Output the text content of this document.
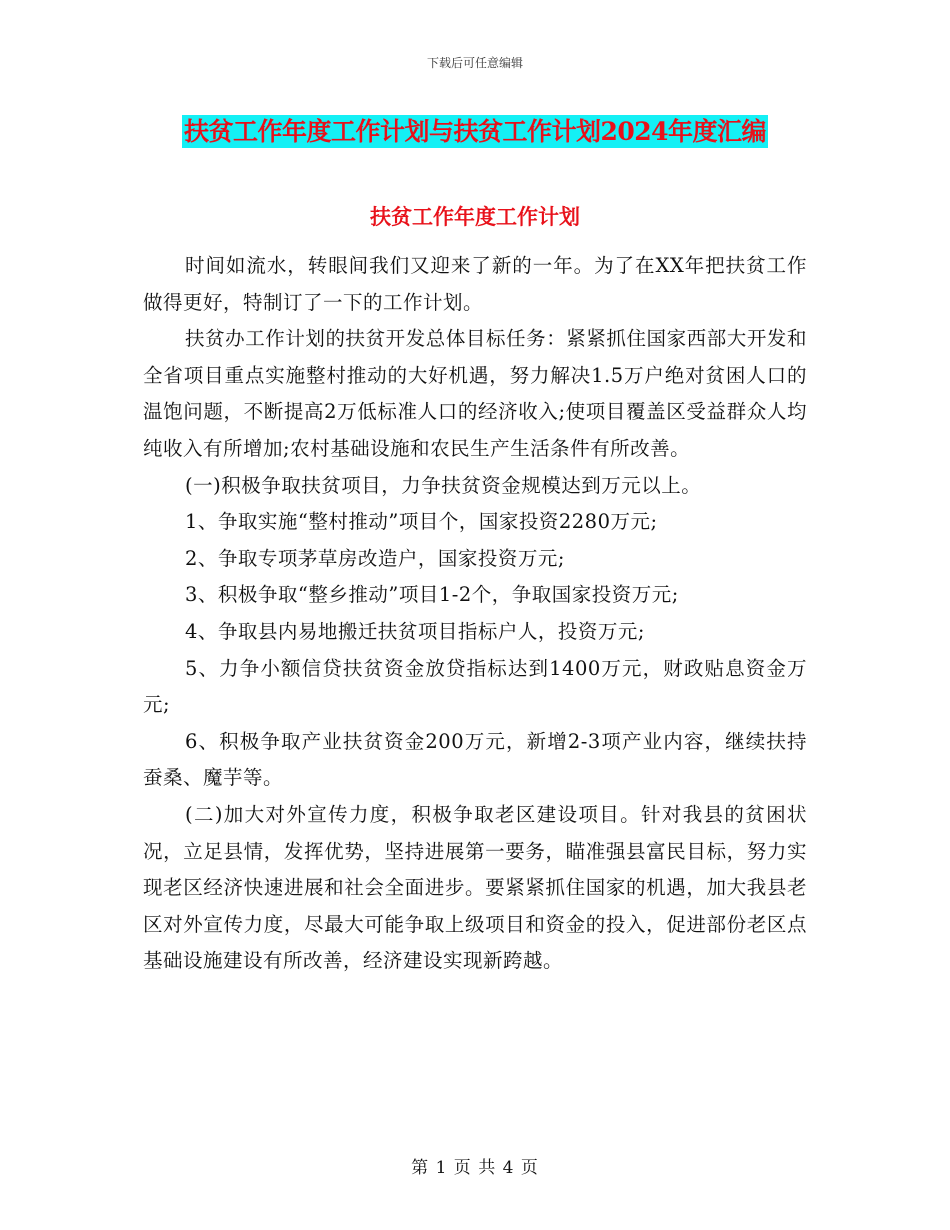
下载后可任意编辑
扶贫工作年度工作计划与扶贫工作计划2024年度汇编
扶贫工作年度工作计划

时间如流水，转眼间我们又迎来了新的一年。为了在XX年把扶贫工作做得更好，特制订了一下的工作计划。

扶贫办工作计划的扶贫开发总体目标任务：紧紧抓住国家西部大开发和全省项目重点实施整村推动的大好机遇，努力解决1.5万户绝对贫困人口的温饱问题，不断提高2万低标准人口的经济收入;使项目覆盖区受益群众人均纯收入有所增加;农村基础设施和农民生产生活条件有所改善。

(一)积极争取扶贫项目，力争扶贫资金规模达到万元以上。

1、争取实施“整村推动”项目个，国家投资2280万元;

2、争取专项茅草房改造户，国家投资万元;

3、积极争取“整乡推动”项目1-2个，争取国家投资万元;

4、争取县内易地搬迁扶贫项目指标户人，投资万元;

5、力争小额信贷扶贫资金放贷指标达到1400万元，财政贴息资金万元;

6、积极争取产业扶贫资金200万元，新增2-3项产业内容，继续扶持蚕桑、魔芋等。

(二)加大对外宣传力度，积极争取老区建设项目。针对我县的贫困状况，立足县情，发挥优势，坚持进展第一要务，瞄准强县富民目标，努力实现老区经济快速进展和社会全面进步。要紧紧抓住国家的机遇，加大我县老区对外宣传力度，尽最大可能争取上级项目和资金的投入，促进部份老区点基础设施建设有所改善，经济建设实现新跨越。

第 1 页 共 4 页
